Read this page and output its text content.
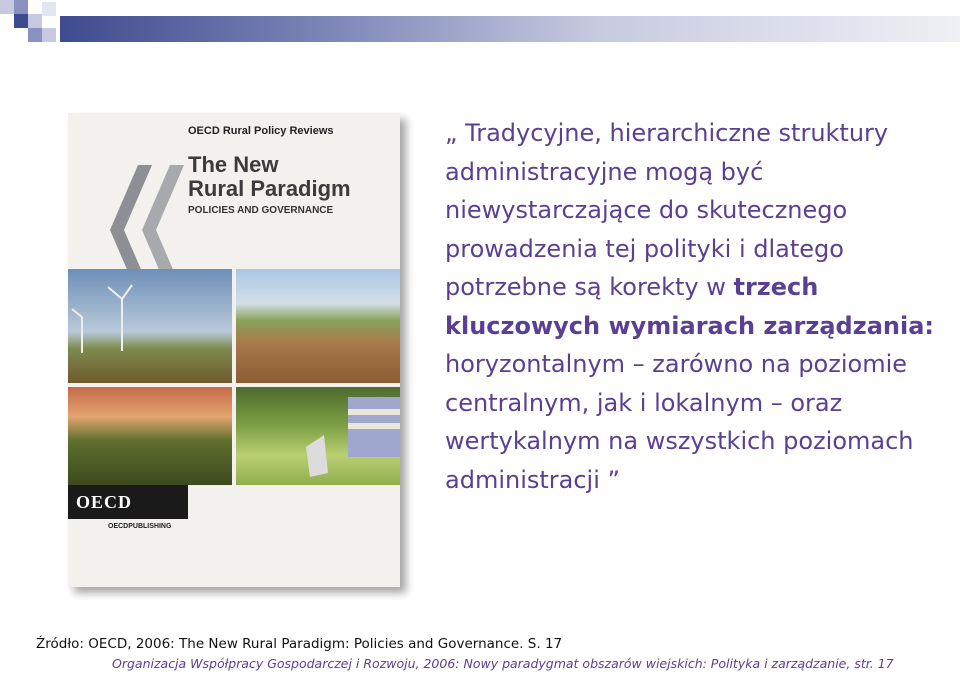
OECD Rural Policy Reviews
The New
Rural Paradigm
POLICIES AND GOVERNANCE
OECD
OECDPUBLISHING
„ Tradycyjne, hierarchiczne struktury administracyjne mogą być niewystarczające do skutecznego prowadzenia tej polityki i dlatego potrzebne są korekty w trzech kluczowych wymiarach zarządzania: horyzontalnym – zarówno na poziomie centralnym, jak i lokalnym – oraz wertykalnym na wszystkich poziomach administracji ”
Źródło: OECD, 2006: The New Rural Paradigm: Policies and Governance. S. 17
Organizacja Współpracy Gospodarczej i Rozwoju, 2006: Nowy paradygmat obszarów wiejskich: Polityka i zarządzanie, str. 17
